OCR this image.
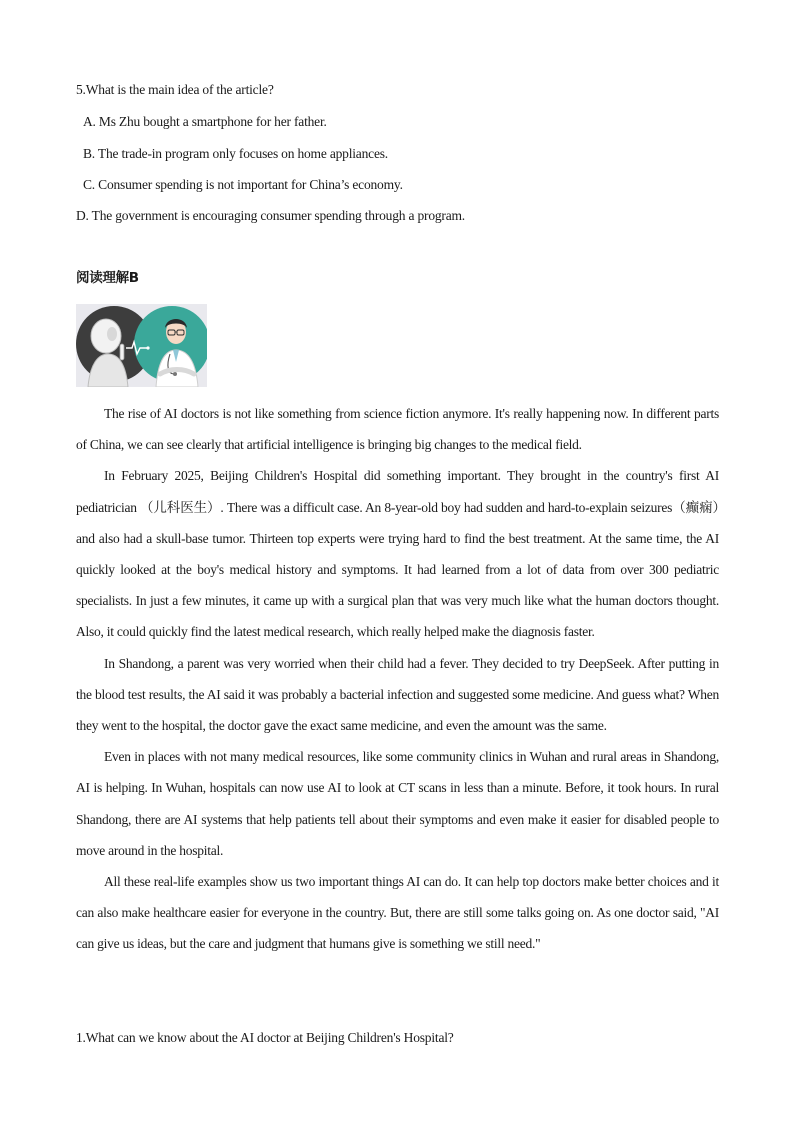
5.What is the main idea of the article?
A. Ms Zhu bought a smartphone for her father.
B. The trade-in program only focuses on home appliances.
C. Consumer spending is not important for China’s economy.
D. The government is encouraging consumer spending through a program.
阅读理解B

The rise of AI doctors is not like something from science fiction anymore. It's really happening now. In different parts of China, we can see clearly that artificial intelligence is bringing big changes to the medical field.

In February 2025, Beijing Children's Hospital did something important. They brought in the country's first AI pediatrician （儿科医生）. There was a difficult case. An 8-year-old boy had sudden and hard-to-explain seizures（癫痫）and also had a skull-base tumor. Thirteen top experts were trying hard to find the best treatment. At the same time, the AI quickly looked at the boy's medical history and symptoms. It had learned from a lot of data from over 300 pediatric specialists. In just a few minutes, it came up with a surgical plan that was very much like what the human doctors thought. Also, it could quickly find the latest medical research, which really helped make the diagnosis faster.

In Shandong, a parent was very worried when their child had a fever. They decided to try DeepSeek. After putting in the blood test results, the AI said it was probably a bacterial infection and suggested some medicine. And guess what? When they went to the hospital, the doctor gave the exact same medicine, and even the amount was the same.

Even in places with not many medical resources, like some community clinics in Wuhan and rural areas in Shandong, AI is helping. In Wuhan, hospitals can now use AI to look at CT scans in less than a minute. Before, it took hours. In rural Shandong, there are AI systems that help patients tell about their symptoms and even make it easier for disabled people to move around in the hospital.

All these real-life examples show us two important things AI can do. It can help top doctors make better choices and it can also make healthcare easier for everyone in the country. But, there are still some talks going on. As one doctor said, "AI can give us ideas, but the care and judgment that humans give is something we still need."

1.What can we know about the AI doctor at Beijing Children's Hospital?
